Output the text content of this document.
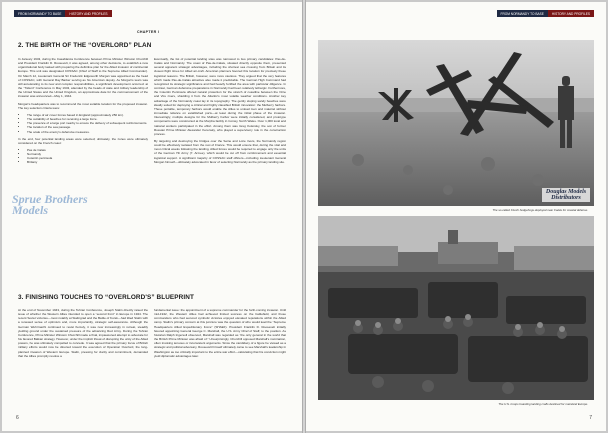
FROM NORMANDY TO BASE	HISTORY AND PROFILES
CHAPTER I
2. THE BIRTH OF THE “OVERLORD” PLAN

In January 1943, during the Casablanca Conference between Prime Minister Winston Churchill and President Franklin D. Roosevelt, it was agreed, among other decisions, to establish a new organizational body tasked with preparing the definitive plan for the Allied invasion of continental Europe. This unit was designated COSSAC (Chief of Staff to the Supreme Allied Commander). On March 12, Lieutenant General Sir Frederick Edgeworth Morgan was appointed as the head of COSSAC, with General Ray Barker serving as his American deputy. As Morgan's team was still accelerating to its new and complex responsibilities, a significant development occurred: at the “Trident” Conference in May 1943, attended by the heads of state and military leadership of the United States and the United Kingdom, an approximate date for the commencement of the invasion was announced—May 1, 1944.

Morgan's headquarters was to recommend the most suitable location for the proposed invasion. The key selection criteria were:

• The range of air cover forces based in England (approximately 250 km).
• The suitability of beaches for receiving a large force.
• The presence of a large port nearby to ensure the delivery of subsequent reinforcements.
• The location of the sea passage.
• The scale of the enemy's defensive measures.

In the end, four potential landing areas were selected; ultimately, the zones were ultimately considered on the French coast:

• Pas de Calais
• Normandy
• Cotentin peninsula
• Brittany

Eventually, the list of potential landing sites was narrowed to two primary candidates: Pas-de-Calais and Normandy. The coast of Pas-de-Calais, situated directly opposite them, presented several apparent strategic advantages, including the shortest sea crossing from Britain and its closest flight times for Allied air-craft. American planners favored this location for precisely these logistical reasons. The British, however, were more cautious. They argued that the very features which made Pas-de-Calais attractive also made it predictable. The German High Command had recognized its strategic significance and had heavily fortified the area with particular diligence. In contrast, German defensive preparations in Normandy had been relatively lethargic. Furthermore, the Cotentin Peninsula offered natural protection for the stretch of coastline between the Orne and Vire rivers, shielding it from the Atlantic's most volatile weather conditions. Another key advantage of the Normandy coast lay in its topography. The gently sloping sandy beaches were ideally suited for deploying a critical and highly classified British innovation: the Mulberry harbors. These portable, temporary harbors would enable the Allies to unload men and matériel without immediate reliance on established ports—at least during the initial phase of the invasion. Interestingly, multiple designs for the Mulberry harbor were initially considered, and prototype components were constructed at the Morpha facility in Conwy, North Wales. Over 1,000 local and national workers participated in the effort. Among them was Greg Kolensky, the son of former Russian Prime Minister Alexander Kerensky, who played a supervisory role in the construction process.

By targeting and destroying the bridges over the Seine and Loire rivers, the Normandy region could be effectively isolated from the rest of France. This would ensure that, during the vital and most critical weeks following the landing, Allied forces would be required to engage only the units of the German 7th Army (7. Armee), which would be cut off from reinforcement and essential logistical support. A significant majority of COSSAC staff officers—including Lieutenant General Morgan himself—ultimately advocated in favor of selecting Normandy as the primary landing site.

Sprue Brothers Models
3. FINISHING TOUCHES TO “OVERLORD'S” BLUEPRINT

At the end of November 1943, during the Tehran Conference, Joseph Stalin directly raised the issue of whether the Western Allies intended to open a “second front” in Europe in 1944. The recent Soviet victories—most notably at Stalingrad and the Battle of Kursk—had tilted Stalin with a renewed sense of optimism and, more importantly, strategic self-assurance. Although the German Wehrmacht continued to resist fiercely, it was now increasingly in retreat, steadily yielding ground under the sustained pressure of the advancing Red Army. During the Tehran Conference, Prime Minister Winston Churchill made a final, impassioned attempt to advocate for his favored Balkan strategy. However, under the implicit threat of disrupting the unity of the Allied powers, he was ultimately compelled to concede. It was agreed that the primary focus of British military efforts would now be directed toward the execution of Operation Overlord, the long-planned invasion of Western Europe. Stalin, pressing for clarity and commitment, demanded that the Allies promptly resolve a

fundamental issue: the appointment of a supreme commander for the forth-coming invasion. Until mid-1942, the Western Allies had achieved limited success on the battlefield, and those commanders who had secured symbolic victories enjoyed elevated reputations within the Allied camp. Stalin's primary concern at this juncture was the question of who would lead the “Supreme Headquarters Allied Expeditionary Force” (SHAEF). President Franklin D. Roosevelt initially favored appointing General George C. Marshall, the U.S. Army Chief of Staff, to the position. As historian Ralph Ingersoll observed, Marshall was regarded as “the only general in the world that the British Prime Minister was afraid of.” Unsurprisingly, Churchill opposed Marshall's nomination, often invoking tenuous or inconsistent arguments. Since the candidacy of a figure he viewed as a strategic and political adversary, Roosevelt himself ultimately came to see Marshall's leadership in Washington as too critically important to the entire war effort—calculating that his conviction might yield diplomatic advantages later.

6
FROM NORMANDY TO BASE	HISTORY AND PROFILES
Douglas Models Distributors
The so-called Czech hedgehogs deployed near Calais for coastal defense.
The U.S. troops boarding landing crafts destined for mainland Europe.
7
